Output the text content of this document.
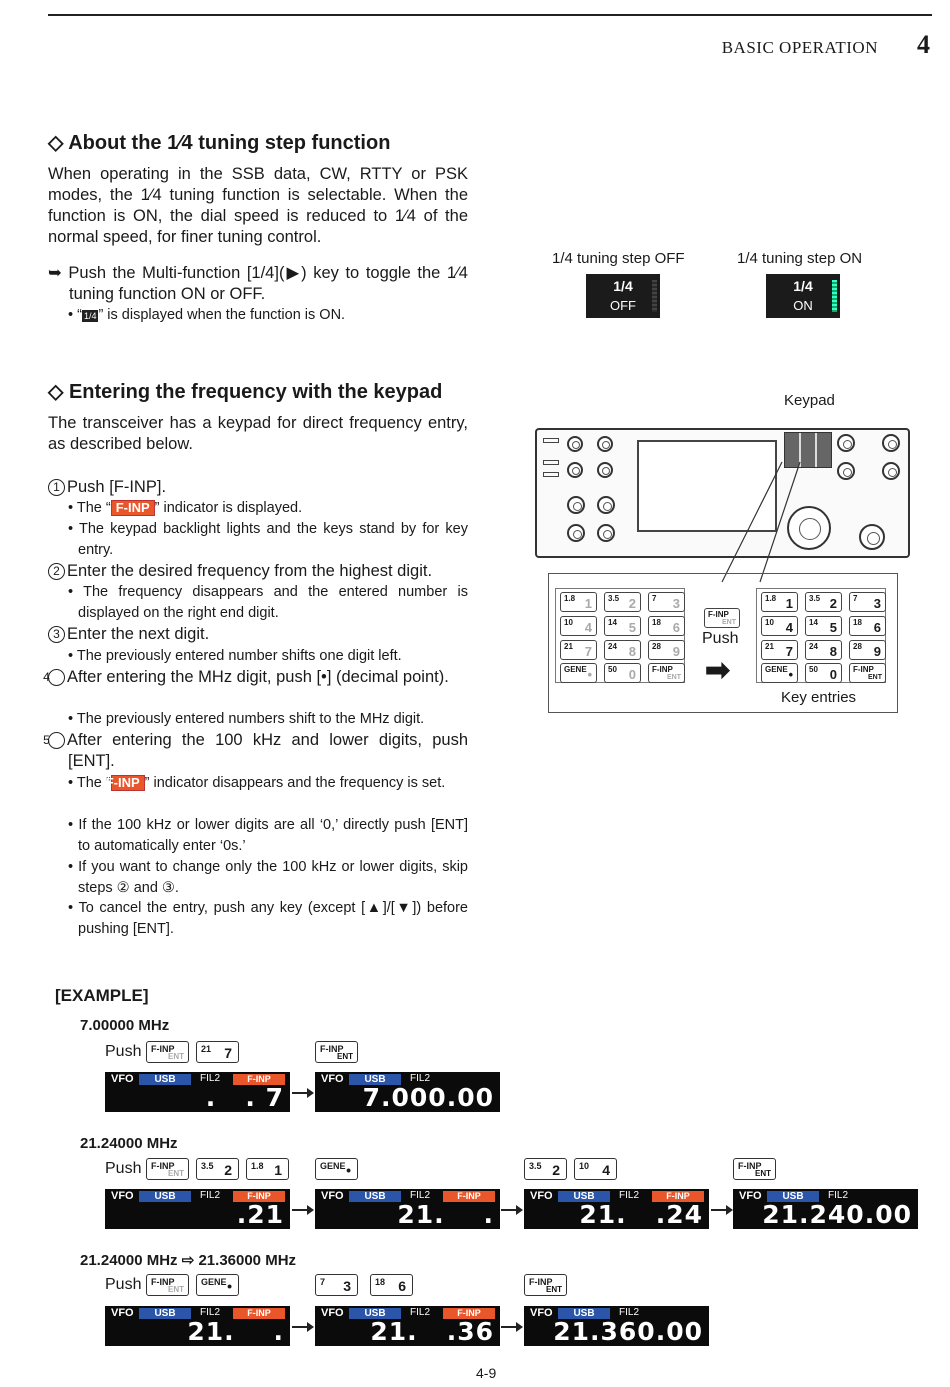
BASIC OPERATION 4
◇ About the 1⁄4 tuning step function
When operating in the SSB data, CW, RTTY or PSK modes, the 1⁄4 tuning function is selectable. When the function is ON, the dial speed is reduced to 1⁄4 of the normal speed, for finer tuning control.
➥ Push the Multi-function [1/4](▶) key to toggle the 1⁄4 tuning function ON or OFF.
• “ 1/4 ” is displayed when the function is ON.
1/4 tuning step OFF	1/4 tuning step ON
1/4
OFF
1/4
ON
◇ Entering the frequency with the keypad
The transceiver has a keypad for direct frequency entry, as described below.
1 Push [F-INP].
• The “ F-INP ” indicator is displayed.
• The keypad backlight lights and the keys stand by for key entry.
2 Enter the desired frequency from the highest digit.
• The frequency disappears and the entered number is displayed on the right end digit.
3 Enter the next digit.
• The previously entered number shifts one digit left.
4 After entering the MHz digit, push [•] (decimal point).
• The previously entered numbers shift to the MHz digit.
5 After entering the 100 kHz and lower digits, push [ENT].
• The “F-INP ” indicator disappears and the frequency is set.
• If the 100 kHz or lower digits are all ‘0,’ directly push [ENT] to automatically enter ‘0s.’
• If you want to change only the 100 kHz or lower digits, skip steps ② and ③.
• To cancel the entry, push any key (except [▲]/[▼]) before pushing [ENT].
Keypad
1.8 1 3.5 2 7 3
10 4 14 5 18 6
21 7 24 8 28 9
GENE • 50 0 F-INP
ENT
F-INP
ENT
Push
➡
1.8 1 3.5 2 7 3
10 4 14 5 18 6
21 7 24 8 28 9
GENE • 50 0 F-INP
ENT
Key entries
[EXAMPLE]
7.00000 MHz
Push F-INP
ENT
21 7	F-INP
ENT
VFO	USB	FIL2	F-INP
.   . 7
VFO	USB	FIL2
7.000.00
21.24000 MHz
Push F-INP
ENT
3.5 2 1.8 1	GENE •	3.5 2 10 4	F-INP
ENT
VFO	USB	FIL2	F-INP
.21
VFO	USB	FIL2	F-INP
21.    .
VFO	USB	FIL2	F-INP
21.   .24
VFO	USB	FIL2
21.240.00
21.24000 MHz ⇨ 21.36000 MHz
Push F-INP
ENT
GENE •	7 3	18 6	F-INP
ENT
VFO	USB	FIL2	F-INP
21.    .
VFO	USB	FIL2	F-INP
21.   .36
VFO	USB	FIL2
21.360.00
4-9
